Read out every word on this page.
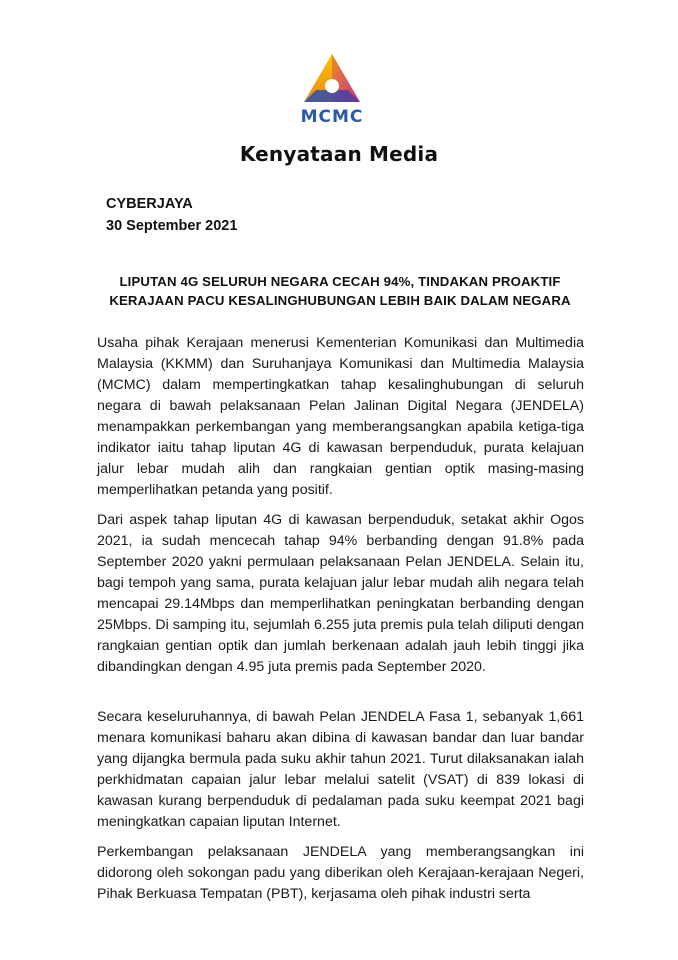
MCMC
Kenyataan Media
CYBERJAYA
30 September 2021
LIPUTAN 4G SELURUH NEGARA CECAH 94%, TINDAKAN PROAKTIF
KERAJAAN PACU KESALINGHUBUNGAN LEBIH BAIK DALAM NEGARA
Usaha pihak Kerajaan menerusi Kementerian Komunikasi dan Multimedia Malaysia (KKMM) dan Suruhanjaya Komunikasi dan Multimedia Malaysia (MCMC) dalam mempertingkatkan tahap kesalinghubungan di seluruh negara di bawah pelaksanaan Pelan Jalinan Digital Negara (JENDELA) menampakkan perkembangan yang memberangsangkan apabila ketiga-tiga indikator iaitu tahap liputan 4G di kawasan berpenduduk, purata kelajuan jalur lebar mudah alih dan rangkaian gentian optik masing-masing memperlihatkan petanda yang positif.
Dari aspek tahap liputan 4G di kawasan berpenduduk, setakat akhir Ogos 2021, ia sudah mencecah tahap 94% berbanding dengan 91.8% pada September 2020 yakni permulaan pelaksanaan Pelan JENDELA. Selain itu, bagi tempoh yang sama, purata kelajuan jalur lebar mudah alih negara telah mencapai 29.14Mbps dan memperlihatkan peningkatan berbanding dengan 25Mbps. Di samping itu, sejumlah 6.255 juta premis pula telah diliputi dengan rangkaian gentian optik dan jumlah berkenaan adalah jauh lebih tinggi jika dibandingkan dengan 4.95 juta premis pada September 2020.
Secara keseluruhannya, di bawah Pelan JENDELA Fasa 1, sebanyak 1,661 menara komunikasi baharu akan dibina di kawasan bandar dan luar bandar yang dijangka bermula pada suku akhir tahun 2021. Turut dilaksanakan ialah perkhidmatan capaian jalur lebar melalui satelit (VSAT) di 839 lokasi di kawasan kurang berpenduduk di pedalaman pada suku keempat 2021 bagi meningkatkan capaian liputan Internet.
Perkembangan pelaksanaan JENDELA yang memberangsangkan ini didorong oleh sokongan padu yang diberikan oleh Kerajaan-kerajaan Negeri, Pihak Berkuasa Tempatan (PBT), kerjasama oleh pihak industri serta
